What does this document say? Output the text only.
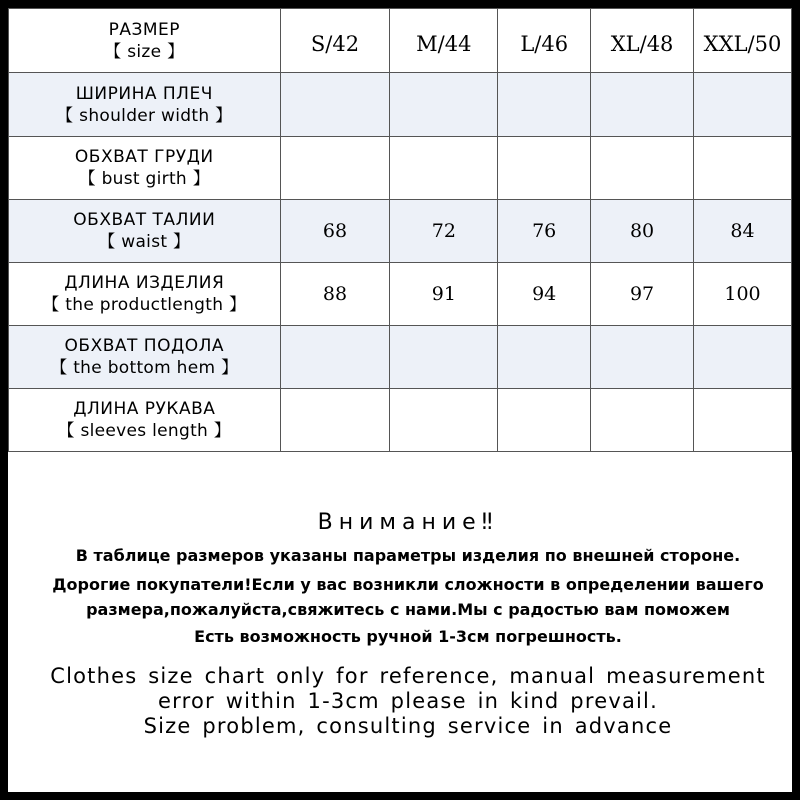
РАЗМЕР
【 size 】	S/42	M/44	L/46	XL/48	XXL/50

ШИРИНА ПЛЕЧ
【 shoulder width 】					

ОБХВАТ ГРУДИ
【 bust girth 】					

ОБХВАТ ТАЛИИ
【 waist 】	68	72	76	80	84

ДЛИНА ИЗДЕЛИЯ
【 the productlength 】	88	91	94	97	100

ОБХВАТ ПОДОЛА
【 the bottom hem 】					

ДЛИНА РУКАВА
【 sleeves length 】					

Внимание‼
В таблице размеров указаны параметры изделия по внешней стороне.
Дорогие покупатели!Если у вас возникли сложности в определении вашего
размера,пожалуйста,свяжитесь с нами.Мы с радостью вам поможем
Есть возможность ручной 1-3см погрешность.
Clothes size chart only for reference, manual measurement
error within 1-3cm please in kind prevail.
Size problem, consulting service in advance
